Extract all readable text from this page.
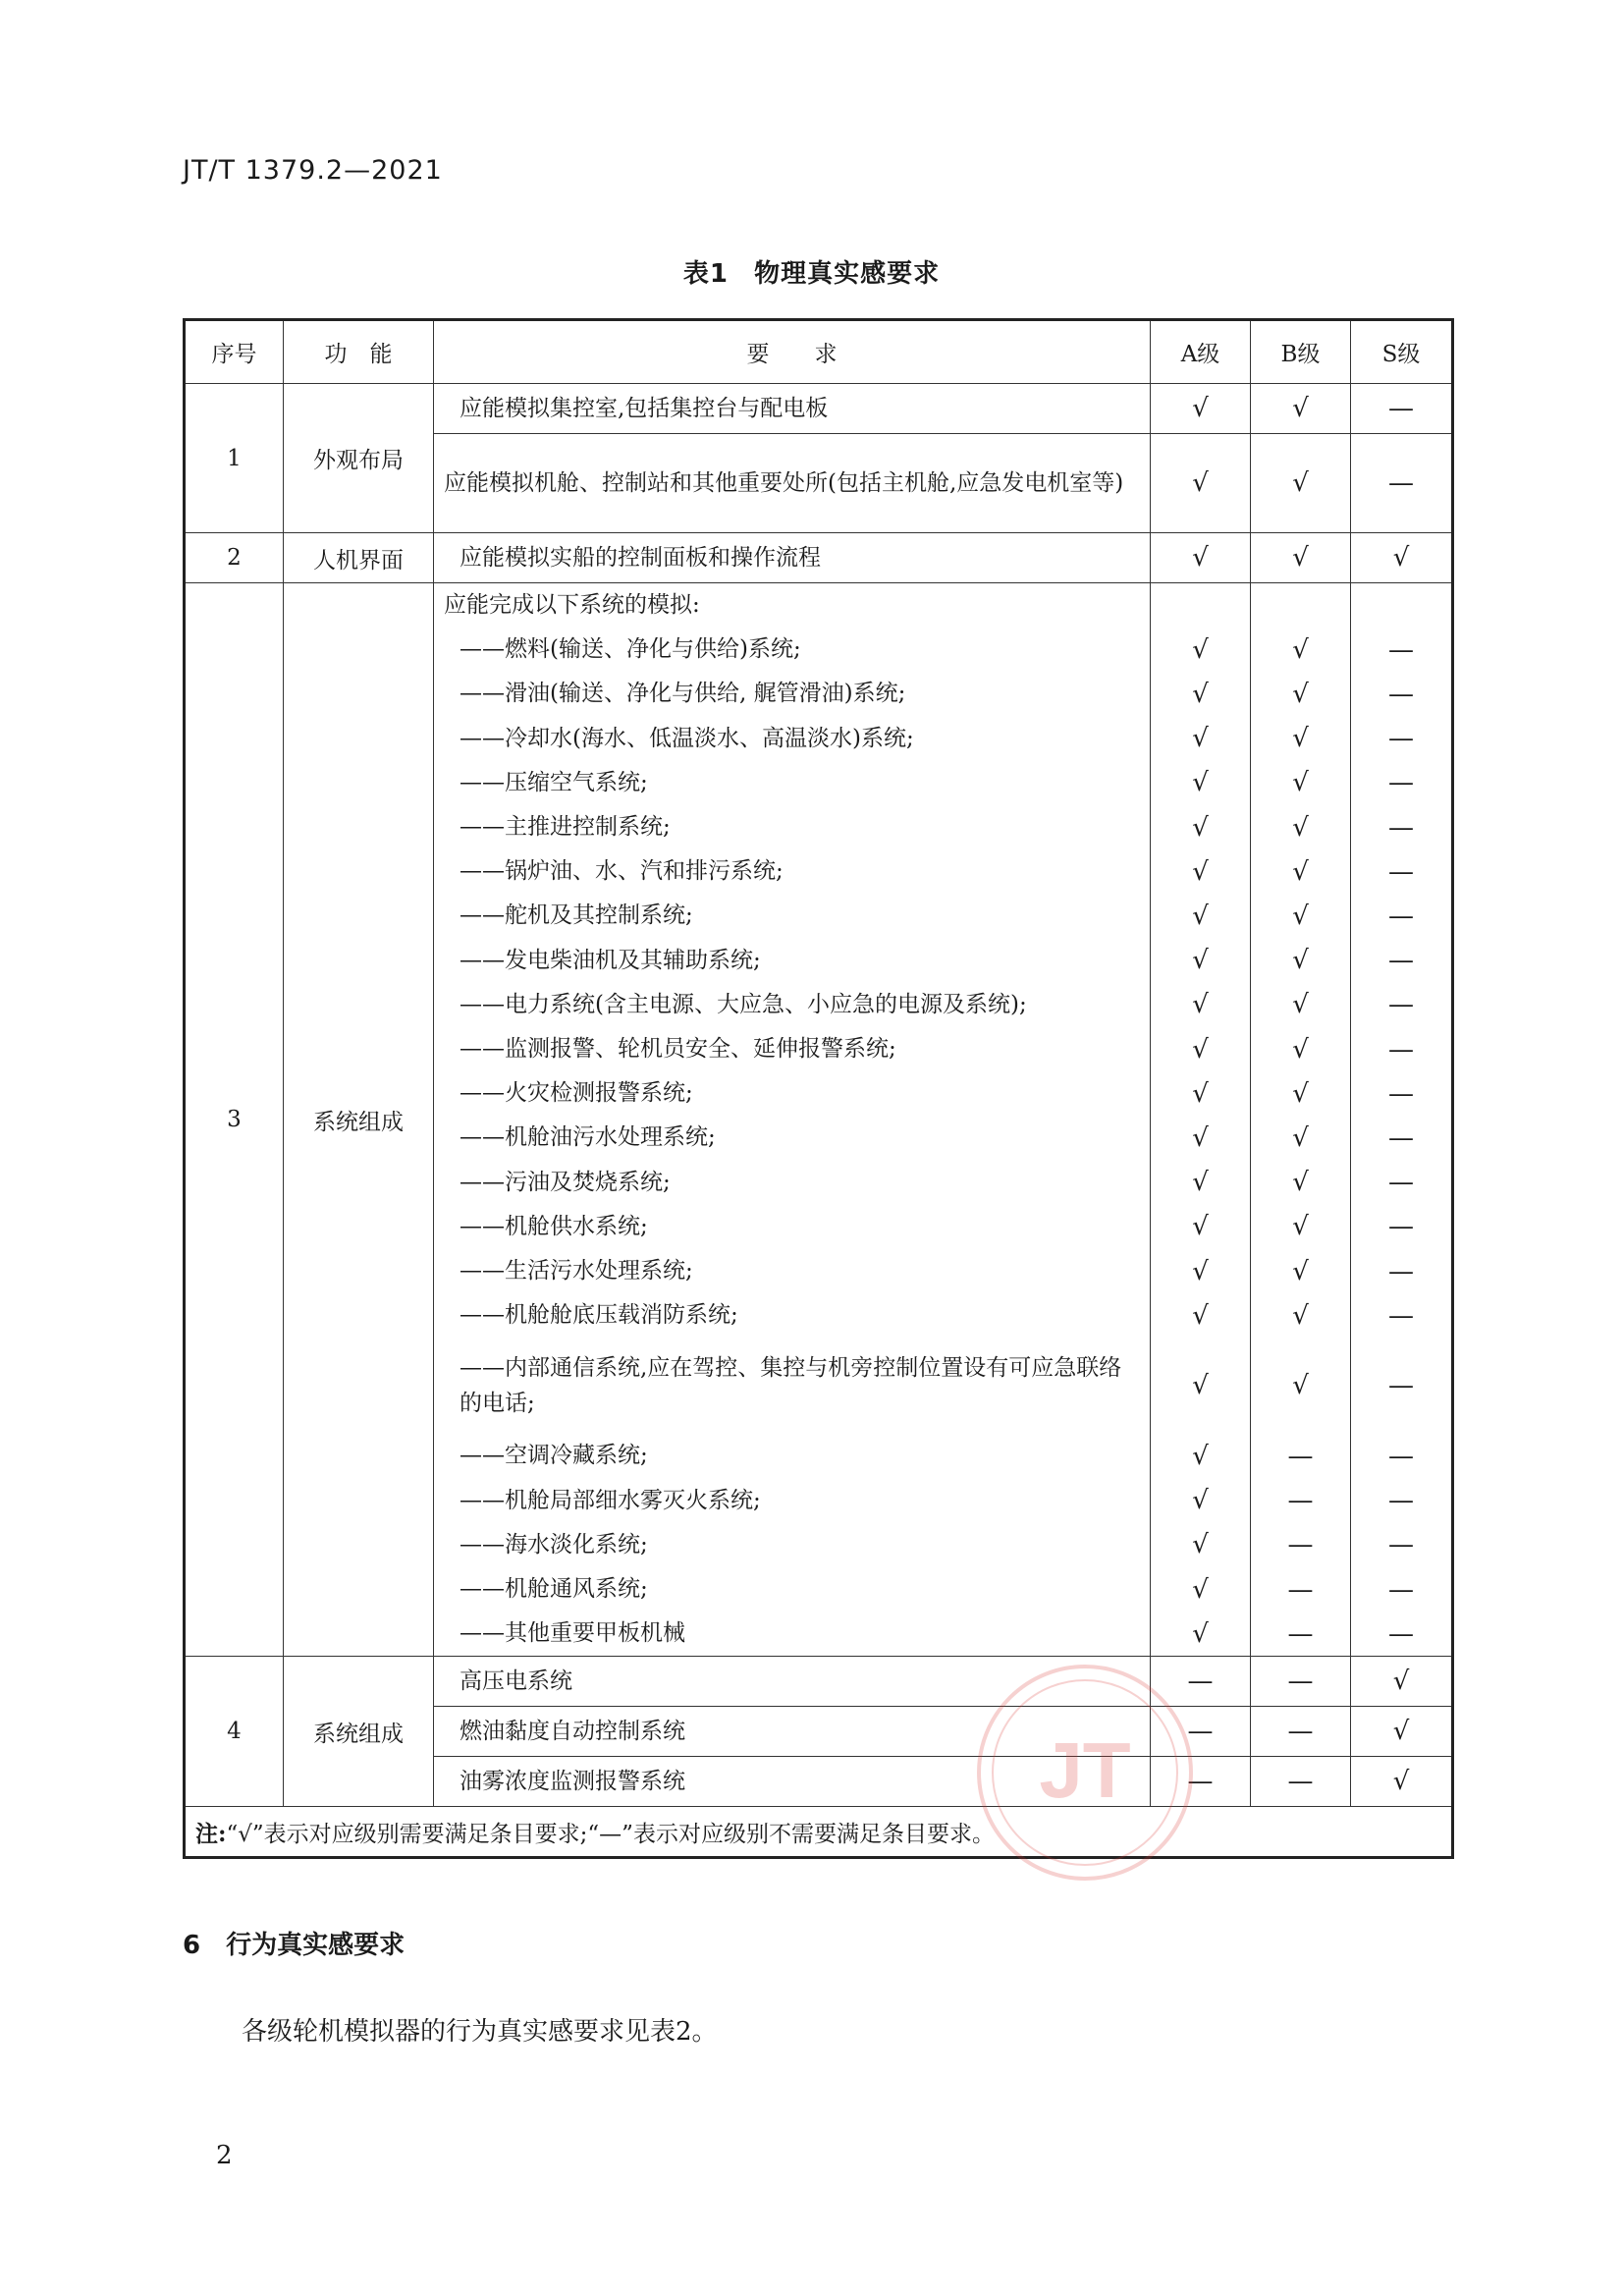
JT/T 1379.2—2021
表1 物理真实感要求
序号	功　能	要　　求	A级	B级	S级
1	外观布局	应能模拟集控室,包括集控台与配电板	√	√	—
		应能模拟机舱、控制站和其他重要处所(包括主机舱,应急发电机室等)	√	√	—
2	人机界面	应能模拟实船的控制面板和操作流程	√	√	√
3	系统组成	应能完成以下系统的模拟:			
		——燃料(输送、净化与供给)系统;	√	√	—
		——滑油(输送、净化与供给, 艉管滑油)系统;	√	√	—
		——冷却水(海水、低温淡水、高温淡水)系统;	√	√	—
		——压缩空气系统;	√	√	—
		——主推进控制系统;	√	√	—
		——锅炉油、水、汽和排污系统;	√	√	—
		——舵机及其控制系统;	√	√	—
		——发电柴油机及其辅助系统;	√	√	—
		——电力系统(含主电源、大应急、小应急的电源及系统);	√	√	—
		——监测报警、轮机员安全、延伸报警系统;	√	√	—
		——火灾检测报警系统;	√	√	—
		——机舱油污水处理系统;	√	√	—
		——污油及焚烧系统;	√	√	—
		——机舱供水系统;	√	√	—
		——生活污水处理系统;	√	√	—
		——机舱舱底压载消防系统;	√	√	—
		——内部通信系统,应在驾控、集控与机旁控制位置设有可应急联络的电话;	√	√	—
		——空调冷藏系统;	√	—	—
		——机舱局部细水雾灭火系统;	√	—	—
		——海水淡化系统;	√	—	—
		——机舱通风系统;	√	—	—
		——其他重要甲板机械	√	—	—
4	系统组成	高压电系统	—	—	√
		燃油黏度自动控制系统	—	—	√
		油雾浓度监测报警系统	—	—	√
注:“√”表示对应级别需要满足条目要求;“—”表示对应级别不需要满足条目要求。					
JT
6 行为真实感要求
各级轮机模拟器的行为真实感要求见表2。
2
